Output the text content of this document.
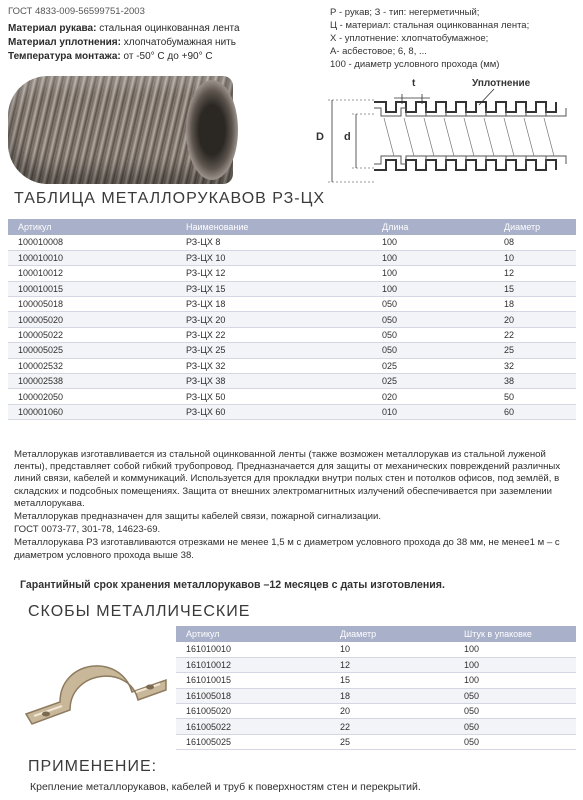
ГОСТ 4833-009-56599751-2003
Материал рукава: стальная оцинкованная лента
Материал уплотнения: хлопчатобумажная нить
Температура монтажа: от -50° С до +90° С
Р - рукав; З - тип: негерметичный;
Ц - материал: стальная оцинкованная лента;
Х - уплотнение: хлопчатобумажное;
А- асбестовое; 6, 8, ...
100 - диаметр условного прохода (мм)
t	Уплотнение
D d
ТАБЛИЦА МЕТАЛЛОРУКАВОВ РЗ-ЦХ
Артикул	Наименование	Длина	Диаметр
100010008	РЗ-ЦХ 8	100	08
100010010	РЗ-ЦХ 10	100	10
100010012	РЗ-ЦХ 12	100	12
100010015	РЗ-ЦХ 15	100	15
100005018	РЗ-ЦХ 18	050	18
100005020	РЗ-ЦХ 20	050	20
100005022	РЗ-ЦХ 22	050	22
100005025	РЗ-ЦХ 25	050	25
100002532	РЗ-ЦХ 32	025	32
100002538	РЗ-ЦХ 38	025	38
100002050	РЗ-ЦХ 50	020	50
100001060	РЗ-ЦХ 60	010	60

Металлорукав изготавливается из стальной оцинкованной ленты (также возможен металлорукав из стальной луженой ленты), представляет собой гибкий трубопровод. Предназначается для защиты от механических повреждений различных линий связи, кабелей и коммуникаций. Используется для прокладки внутри полых стен и потолков офисов, под землёй, в складских и подсобных помещениях. Защита от внешних электромагнитных излучений обеспечивается при заземлении металлорукава.

Металлорукав предназначен для защиты кабелей связи, пожарной сигнализации.

ГОСТ 0073-77, 301-78, 14623-69.

Металлорукава РЗ изготавливаются отрезками не менее 1,5 м с диаметром условного прохода до 38 мм, не менее1 м – с диаметром условного прохода выше 38.

Гарантийный срок хранения металлорукавов –12 месяцев с даты изготовления.
СКОБЫ МЕТАЛЛИЧЕСКИЕ
Артикул	Диаметр	Штук в упаковке
161010010	10	100
161010012	12	100
161010015	15	100
161005018	18	050
161005020	20	050
161005022	22	050
161005025	25	050
ПРИМЕНЕНИЕ:
Крепление металлорукавов, кабелей и труб к поверхностям стен и перекрытий.
